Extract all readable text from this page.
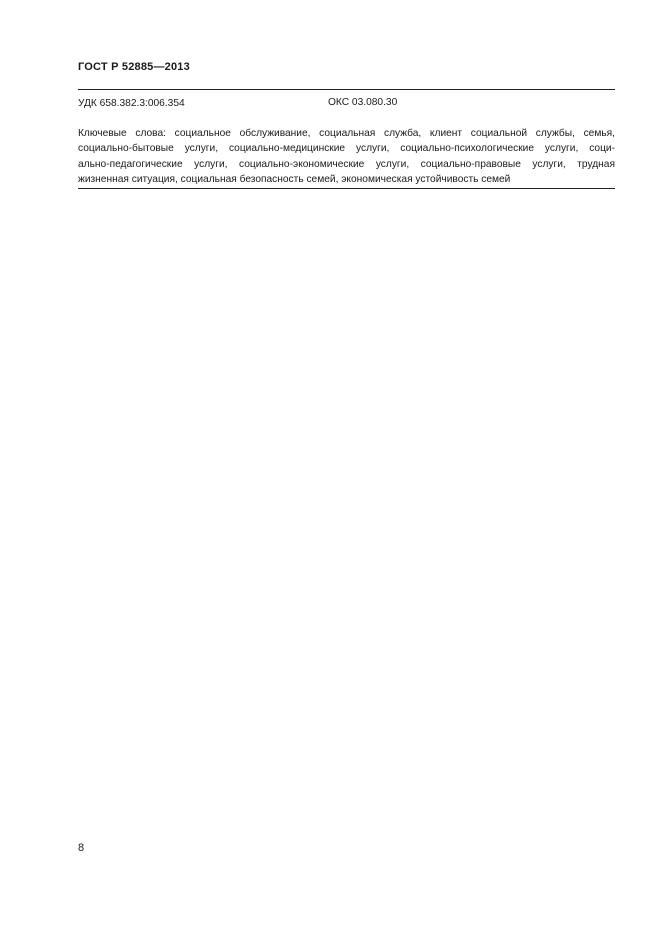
ГОСТ Р 52885—2013
УДК 658.382.3:006.354	ОКС 03.080.30
Ключевые слова: социальное обслуживание, социальная служба, клиент социальной службы, семья,
социально-бытовые услуги, социально-медицинские услуги, социально-психологические услуги, соци-
ально-педагогические услуги, социально-экономические услуги, социально-правовые услуги, трудная
жизненная ситуация, социальная безопасность семей, экономическая устойчивость семей
8
